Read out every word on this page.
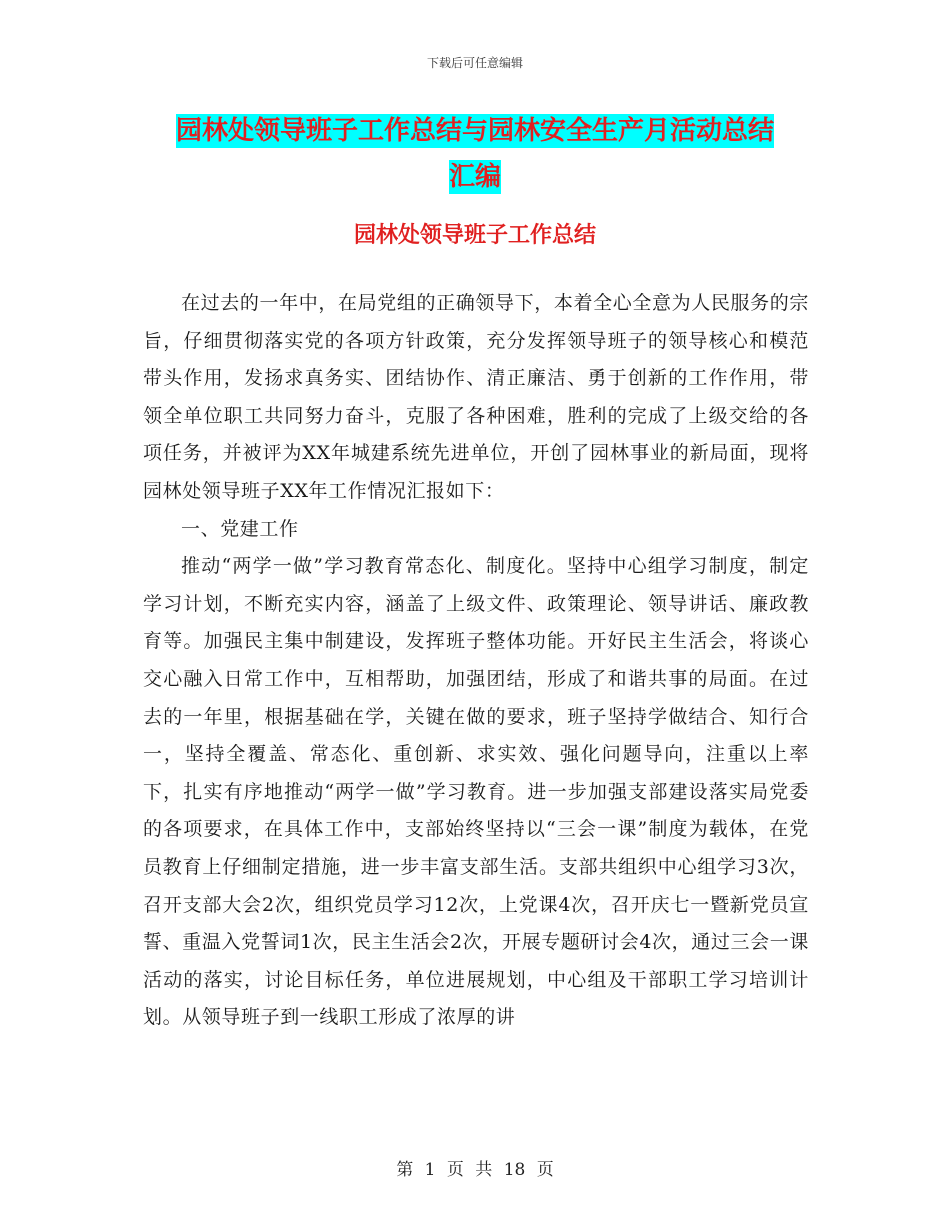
下载后可任意编辑
园林处领导班子工作总结与园林安全生产月活动总结
汇编
园林处领导班子工作总结

在过去的一年中，在局党组的正确领导下，本着全心全意为人民服务的宗旨，仔细贯彻落实党的各项方针政策，充分发挥领导班子的领导核心和模范带头作用，发扬求真务实、团结协作、清正廉洁、勇于创新的工作作用，带领全单位职工共同努力奋斗，克服了各种困难，胜利的完成了上级交给的各项任务，并被评为XX年城建系统先进单位，开创了园林事业的新局面，现将园林处领导班子XX年工作情况汇报如下：

一、党建工作

推动“两学一做”学习教育常态化、制度化。坚持中心组学习制度，制定学习计划，不断充实内容，涵盖了上级文件、政策理论、领导讲话、廉政教育等。加强民主集中制建设，发挥班子整体功能。开好民主生活会，将谈心交心融入日常工作中，互相帮助，加强团结，形成了和谐共事的局面。在过去的一年里，根据基础在学，关键在做的要求，班子坚持学做结合、知行合一，坚持全覆盖、常态化、重创新、求实效、强化问题导向，注重以上率下，扎实有序地推动“两学一做”学习教育。进一步加强支部建设落实局党委的各项要求，在具体工作中，支部始终坚持以“三会一课”制度为载体，在党员教育上仔细制定措施，进一步丰富支部生活。支部共组织中心组学习3次，召开支部大会2次，组织党员学习12次，上党课4次，召开庆七一暨新党员宣誓、重温入党誓词1次，民主生活会2次，开展专题研讨会4次，通过三会一课活动的落实，讨论目标任务，单位进展规划，中心组及干部职工学习培训计划。从领导班子到一线职工形成了浓厚的讲

第 1 页 共 18 页
